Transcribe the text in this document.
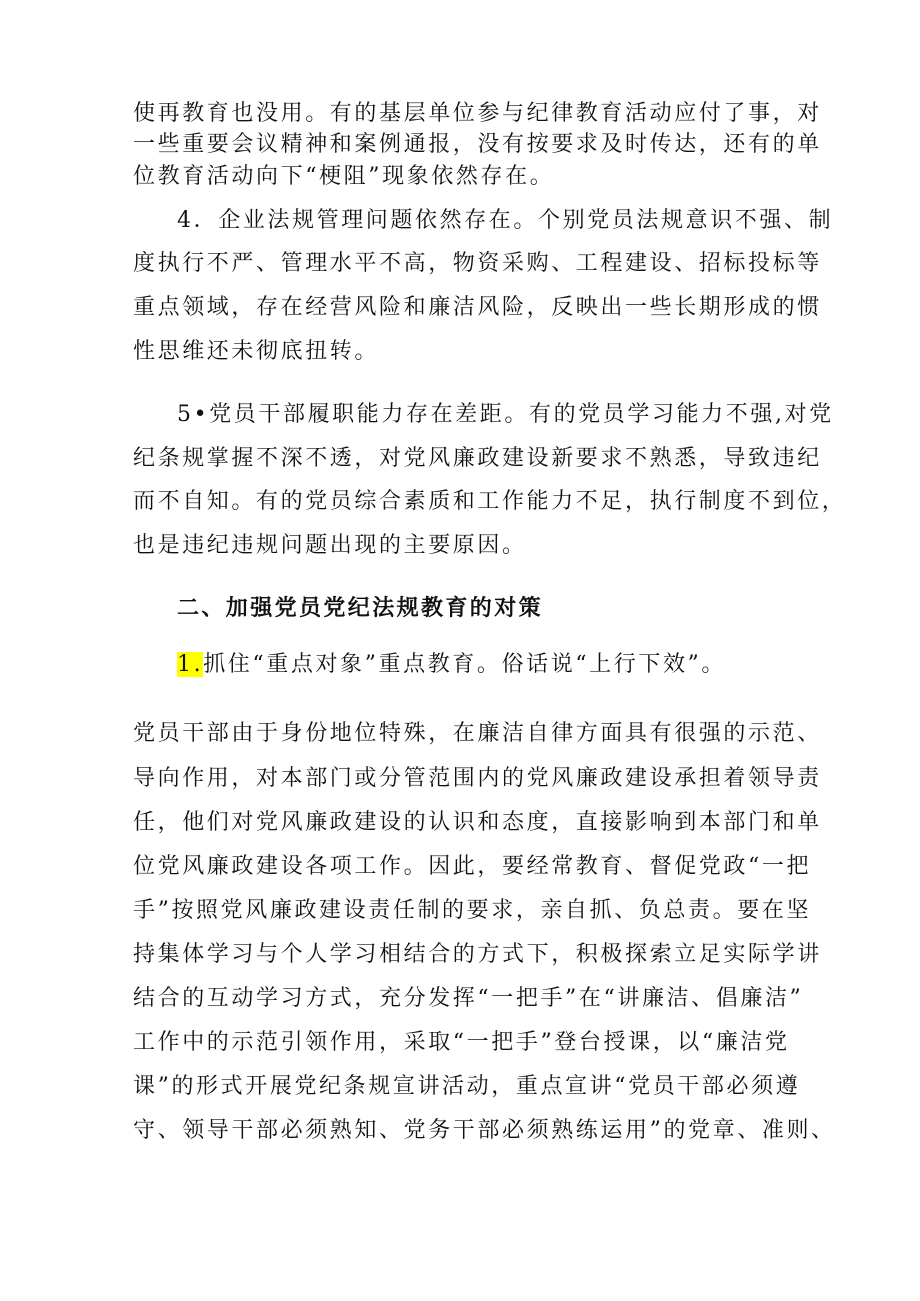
使再教育也没用。有的基层单位参与纪律教育活动应付了事，对

一些重要会议精神和案例通报，没有按要求及时传达，还有的单

位教育活动向下“梗阻”现象依然存在。

4．企业法规管理问题依然存在。个别党员法规意识不强、制

度执行不严、管理水平不高，物资采购、工程建设、招标投标等

重点领域，存在经营风险和廉洁风险，反映出一些长期形成的惯

性思维还未彻底扭转。

5•党员干部履职能力存在差距。有的党员学习能力不强,对党

纪条规掌握不深不透，对党风廉政建设新要求不熟悉，导致违纪

而不自知。有的党员综合素质和工作能力不足，执行制度不到位，

也是违纪违规问题出现的主要原因。

二、加强党员党纪法规教育的对策

1.抓住“重点对象”重点教育。俗话说“上行下效”。

党员干部由于身份地位特殊，在廉洁自律方面具有很强的示范、

导向作用，对本部门或分管范围内的党风廉政建设承担着领导责

任，他们对党风廉政建设的认识和态度，直接影响到本部门和单

位党风廉政建设各项工作。因此，要经常教育、督促党政“一把

手”按照党风廉政建设责任制的要求，亲自抓、负总责。要在坚

持集体学习与个人学习相结合的方式下，积极探索立足实际学讲

结合的互动学习方式，充分发挥“一把手”在“讲廉洁、倡廉洁”

工作中的示范引领作用，采取“一把手”登台授课，以“廉洁党

课”的形式开展党纪条规宣讲活动，重点宣讲“党员干部必须遵

守、领导干部必须熟知、党务干部必须熟练运用”的党章、准则、
